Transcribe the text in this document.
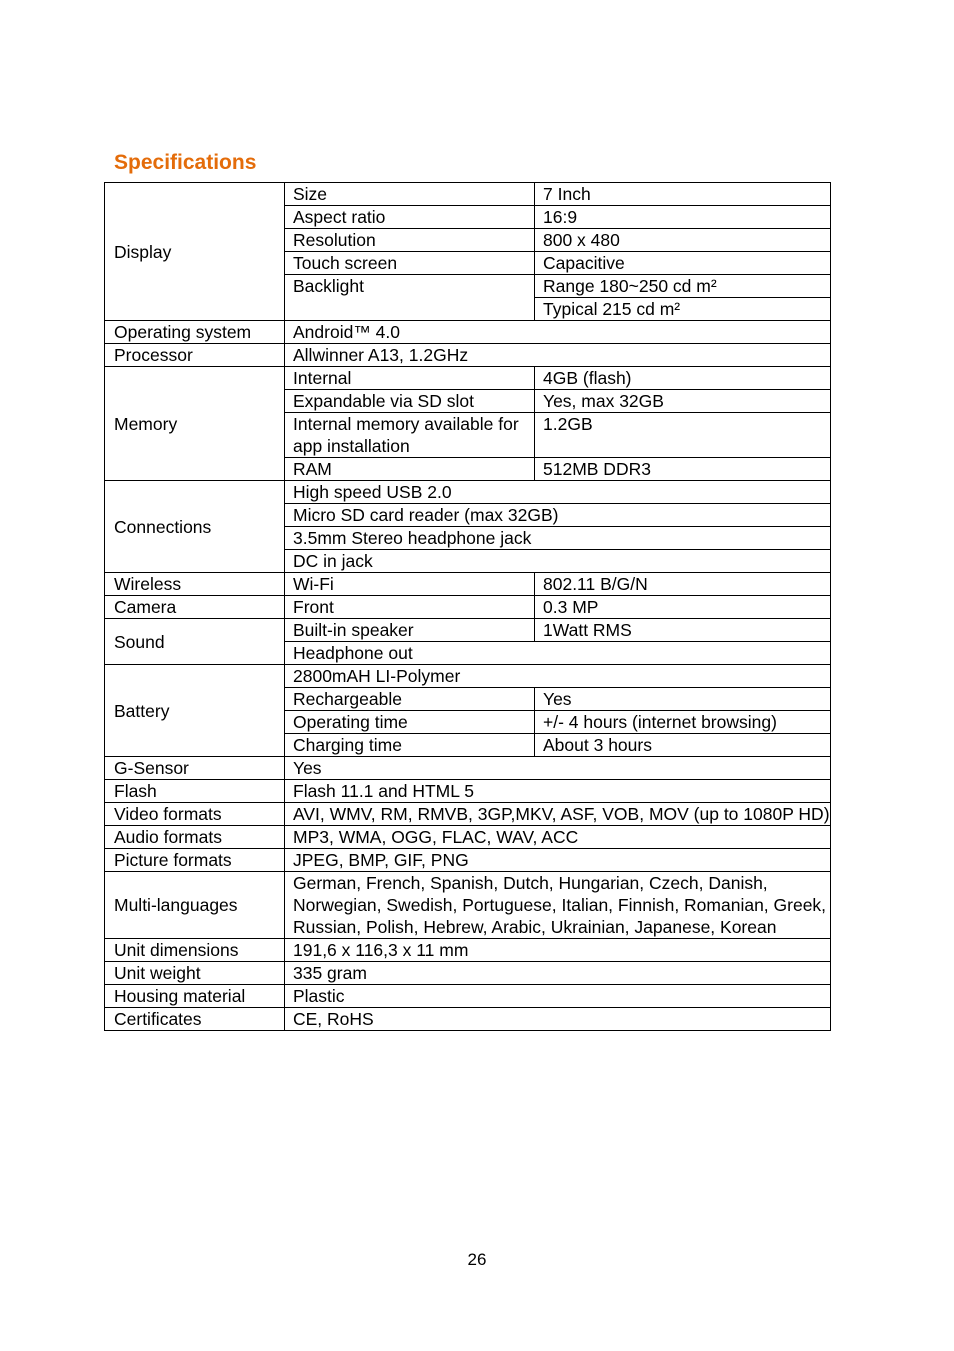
Specifications
Display	Size	7 Inch
	Aspect ratio	16:9
	Resolution	800 x 480
	Touch screen	Capacitive
	Backlight	Range 180~250 cd m²
		Typical 215 cd m²
Operating system	Android™ 4.0	
Processor	Allwinner A13, 1.2GHz	
Memory	Internal	4GB (flash)
	Expandable via SD slot	Yes, max 32GB
	Internal memory available for app installation	1.2GB
	RAM	512MB DDR3
Connections	High speed USB 2.0	
	Micro SD card reader (max 32GB)	
	3.5mm Stereo headphone jack	
	DC in jack	
Wireless	Wi-Fi	802.11 B/G/N
Camera	Front	0.3 MP
Sound	Built-in speaker	1Watt RMS
	Headphone out	
Battery	2800mAH LI-Polymer	
	Rechargeable	Yes
	Operating time	+/- 4 hours (internet browsing)
	Charging time	About 3 hours
G-Sensor	Yes	
Flash	Flash 11.1 and HTML 5	
Video formats	AVI, WMV, RM, RMVB, 3GP,MKV, ASF, VOB, MOV (up to 1080P HD)	
Audio formats	MP3, WMA, OGG, FLAC, WAV, ACC	
Picture formats	JPEG, BMP, GIF, PNG	
Multi-languages	German, French, Spanish, Dutch, Hungarian, Czech, Danish, Norwegian, Swedish, Portuguese, Italian, Finnish, Romanian, Greek, Russian, Polish, Hebrew, Arabic, Ukrainian, Japanese, Korean	
Unit dimensions	191,6 x 116,3 x 11 mm	
Unit weight	335 gram	
Housing material	Plastic	
Certificates	CE, RoHS	
26
